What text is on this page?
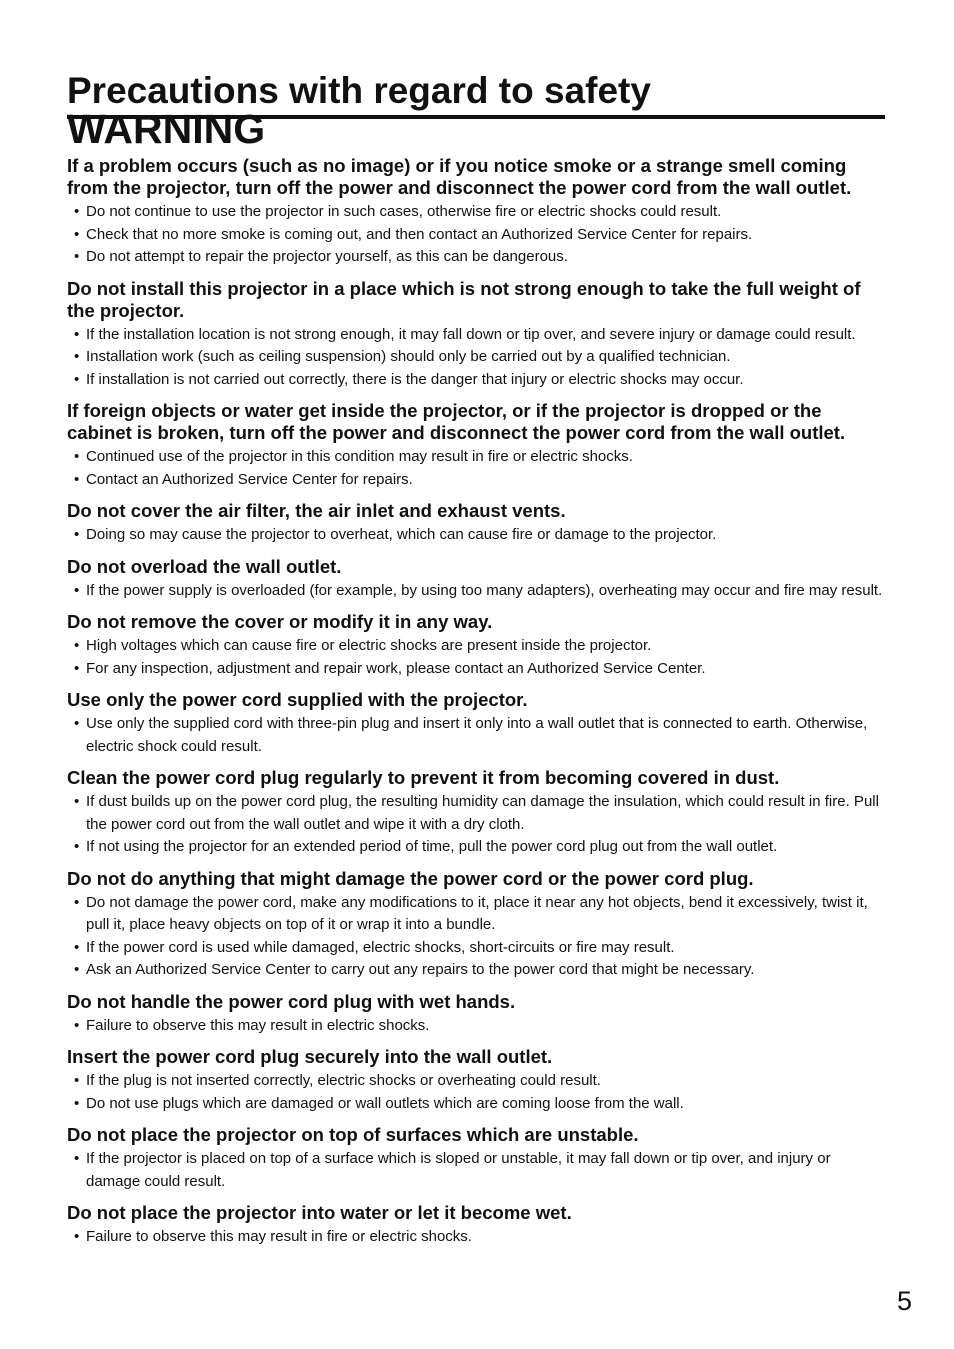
Precautions with regard to safety
WARNING
If a problem occurs (such as no image) or if you notice smoke or a strange smell coming from the projector, turn off the power and disconnect the power cord from the wall outlet.
• Do not continue to use the projector in such cases, otherwise fire or electric shocks could result.
• Check that no more smoke is coming out, and then contact an Authorized Service Center for repairs.
• Do not attempt to repair the projector yourself, as this can be dangerous.
Do not install this projector in a place which is not strong enough to take the full weight of the projector.
• If the installation location is not strong enough, it may fall down or tip over, and severe injury or damage could result.
• Installation work (such as ceiling suspension) should only be carried out by a qualified technician.
• If installation is not carried out correctly, there is the danger that injury or electric shocks may occur.
If foreign objects or water get inside the projector, or if the projector is dropped or the cabinet is broken, turn off the power and disconnect the power cord from the wall outlet.
• Continued use of the projector in this condition may result in fire or electric shocks.
• Contact an Authorized Service Center for repairs.
Do not cover the air filter, the air inlet and exhaust vents.
• Doing so may cause the projector to overheat, which can cause fire or damage to the projector.
Do not overload the wall outlet.
• If the power supply is overloaded (for example, by using too many adapters), overheating may occur and fire may result.
Do not remove the cover or modify it in any way.
• High voltages which can cause fire or electric shocks are present inside the projector.
• For any inspection, adjustment and repair work, please contact an Authorized Service Center.
Use only the power cord supplied with the projector.
• Use only the supplied cord with three-pin plug and insert it only into a wall outlet that is connected to earth. Otherwise, electric shock could result.
Clean the power cord plug regularly to prevent it from becoming covered in dust.
• If dust builds up on the power cord plug, the resulting humidity can damage the insulation, which could result in fire. Pull the power cord out from the wall outlet and wipe it with a dry cloth.
• If not using the projector for an extended period of time, pull the power cord plug out from the wall outlet.
Do not do anything that might damage the power cord or the power cord plug.
• Do not damage the power cord, make any modifications to it, place it near any hot objects, bend it excessively, twist it, pull it, place heavy objects on top of it or wrap it into a bundle.
• If the power cord is used while damaged, electric shocks, short-circuits or fire may result.
• Ask an Authorized Service Center to carry out any repairs to the power cord that might be necessary.
Do not handle the power cord plug with wet hands.
• Failure to observe this may result in electric shocks.
Insert the power cord plug securely into the wall outlet.
• If the plug is not inserted correctly, electric shocks or overheating could result.
• Do not use plugs which are damaged or wall outlets which are coming loose from the wall.
Do not place the projector on top of surfaces which are unstable.
• If the projector is placed on top of a surface which is sloped or unstable, it may fall down or tip over, and injury or damage could result.
Do not place the projector into water or let it become wet.
• Failure to observe this may result in fire or electric shocks.
5
